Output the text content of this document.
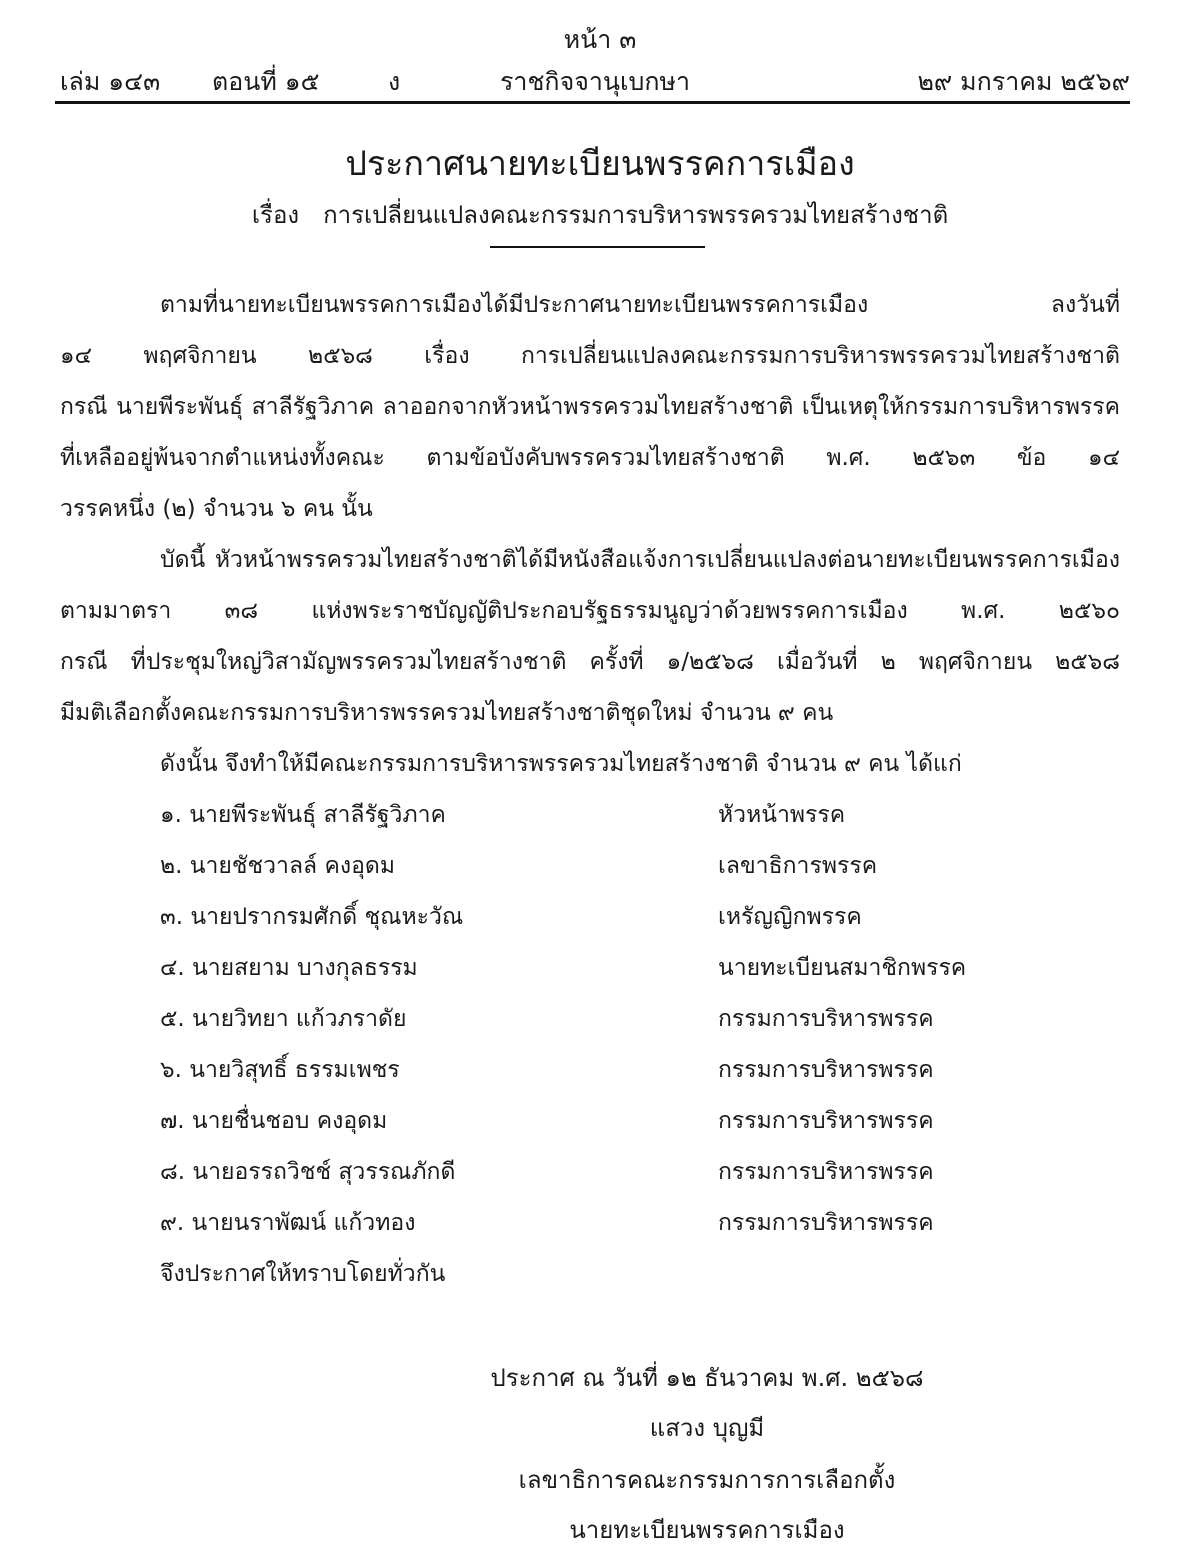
หน้า ๓
เล่ม ๑๔๓ ตอนที่ ๑๕	ง	ราชกิจจานุเบกษา	๒๙ มกราคม ๒๕๖๙
ประกาศนายทะเบียนพรรคการเมือง
เรื่อง การเปลี่ยนแปลงคณะกรรมการบริหารพรรครวมไทยสร้างชาติ
ตามที่นายทะเบียนพรรคการเมืองได้มีประกาศนายทะเบียนพรรคการเมือง ลงวันที่
๑๔ พฤศจิกายน ๒๕๖๘ เรื่อง การเปลี่ยนแปลงคณะกรรมการบริหารพรรครวมไทยสร้างชาติ
กรณี นายพีระพันธุ์ สาลีรัฐวิภาค ลาออกจากหัวหน้าพรรครวมไทยสร้างชาติ เป็นเหตุให้กรรมการบริหารพรรค
ที่เหลืออยู่พ้นจากตำแหน่งทั้งคณะ ตามข้อบังคับพรรครวมไทยสร้างชาติ พ.ศ. ๒๕๖๓ ข้อ ๑๔
วรรคหนึ่ง (๒) จำนวน ๖ คน นั้น
บัดนี้ หัวหน้าพรรครวมไทยสร้างชาติได้มีหนังสือแจ้งการเปลี่ยนแปลงต่อนายทะเบียนพรรคการเมือง
ตามมาตรา ๓๘ แห่งพระราชบัญญัติประกอบรัฐธรรมนูญว่าด้วยพรรคการเมือง พ.ศ. ๒๕๖๐
กรณี ที่ประชุมใหญ่วิสามัญพรรครวมไทยสร้างชาติ ครั้งที่ ๑/๒๕๖๘ เมื่อวันที่ ๒ พฤศจิกายน ๒๕๖๘
มีมติเลือกตั้งคณะกรรมการบริหารพรรครวมไทยสร้างชาติชุดใหม่ จำนวน ๙ คน
ดังนั้น จึงทำให้มีคณะกรรมการบริหารพรรครวมไทยสร้างชาติ จำนวน ๙ คน ได้แก่
๑. นายพีระพันธุ์ สาลีรัฐวิภาค	หัวหน้าพรรค
๒. นายชัชวาลล์ คงอุดม	เลขาธิการพรรค
๓. นายปรากรมศักดิ์ ชุณหะวัณ	เหรัญญิกพรรค
๔. นายสยาม บางกุลธรรม	นายทะเบียนสมาชิกพรรค
๕. นายวิทยา แก้วภราดัย	กรรมการบริหารพรรค
๖. นายวิสุทธิ์ ธรรมเพชร	กรรมการบริหารพรรค
๗. นายชื่นชอบ คงอุดม	กรรมการบริหารพรรค
๘. นายอรรถวิชช์ สุวรรณภักดี	กรรมการบริหารพรรค
๙. นายนราพัฒน์ แก้วทอง	กรรมการบริหารพรรค
จึงประกาศให้ทราบโดยทั่วกัน
ประกาศ ณ วันที่ ๑๒ ธันวาคม พ.ศ. ๒๕๖๘
แสวง บุญมี
เลขาธิการคณะกรรมการการเลือกตั้ง
นายทะเบียนพรรคการเมือง
